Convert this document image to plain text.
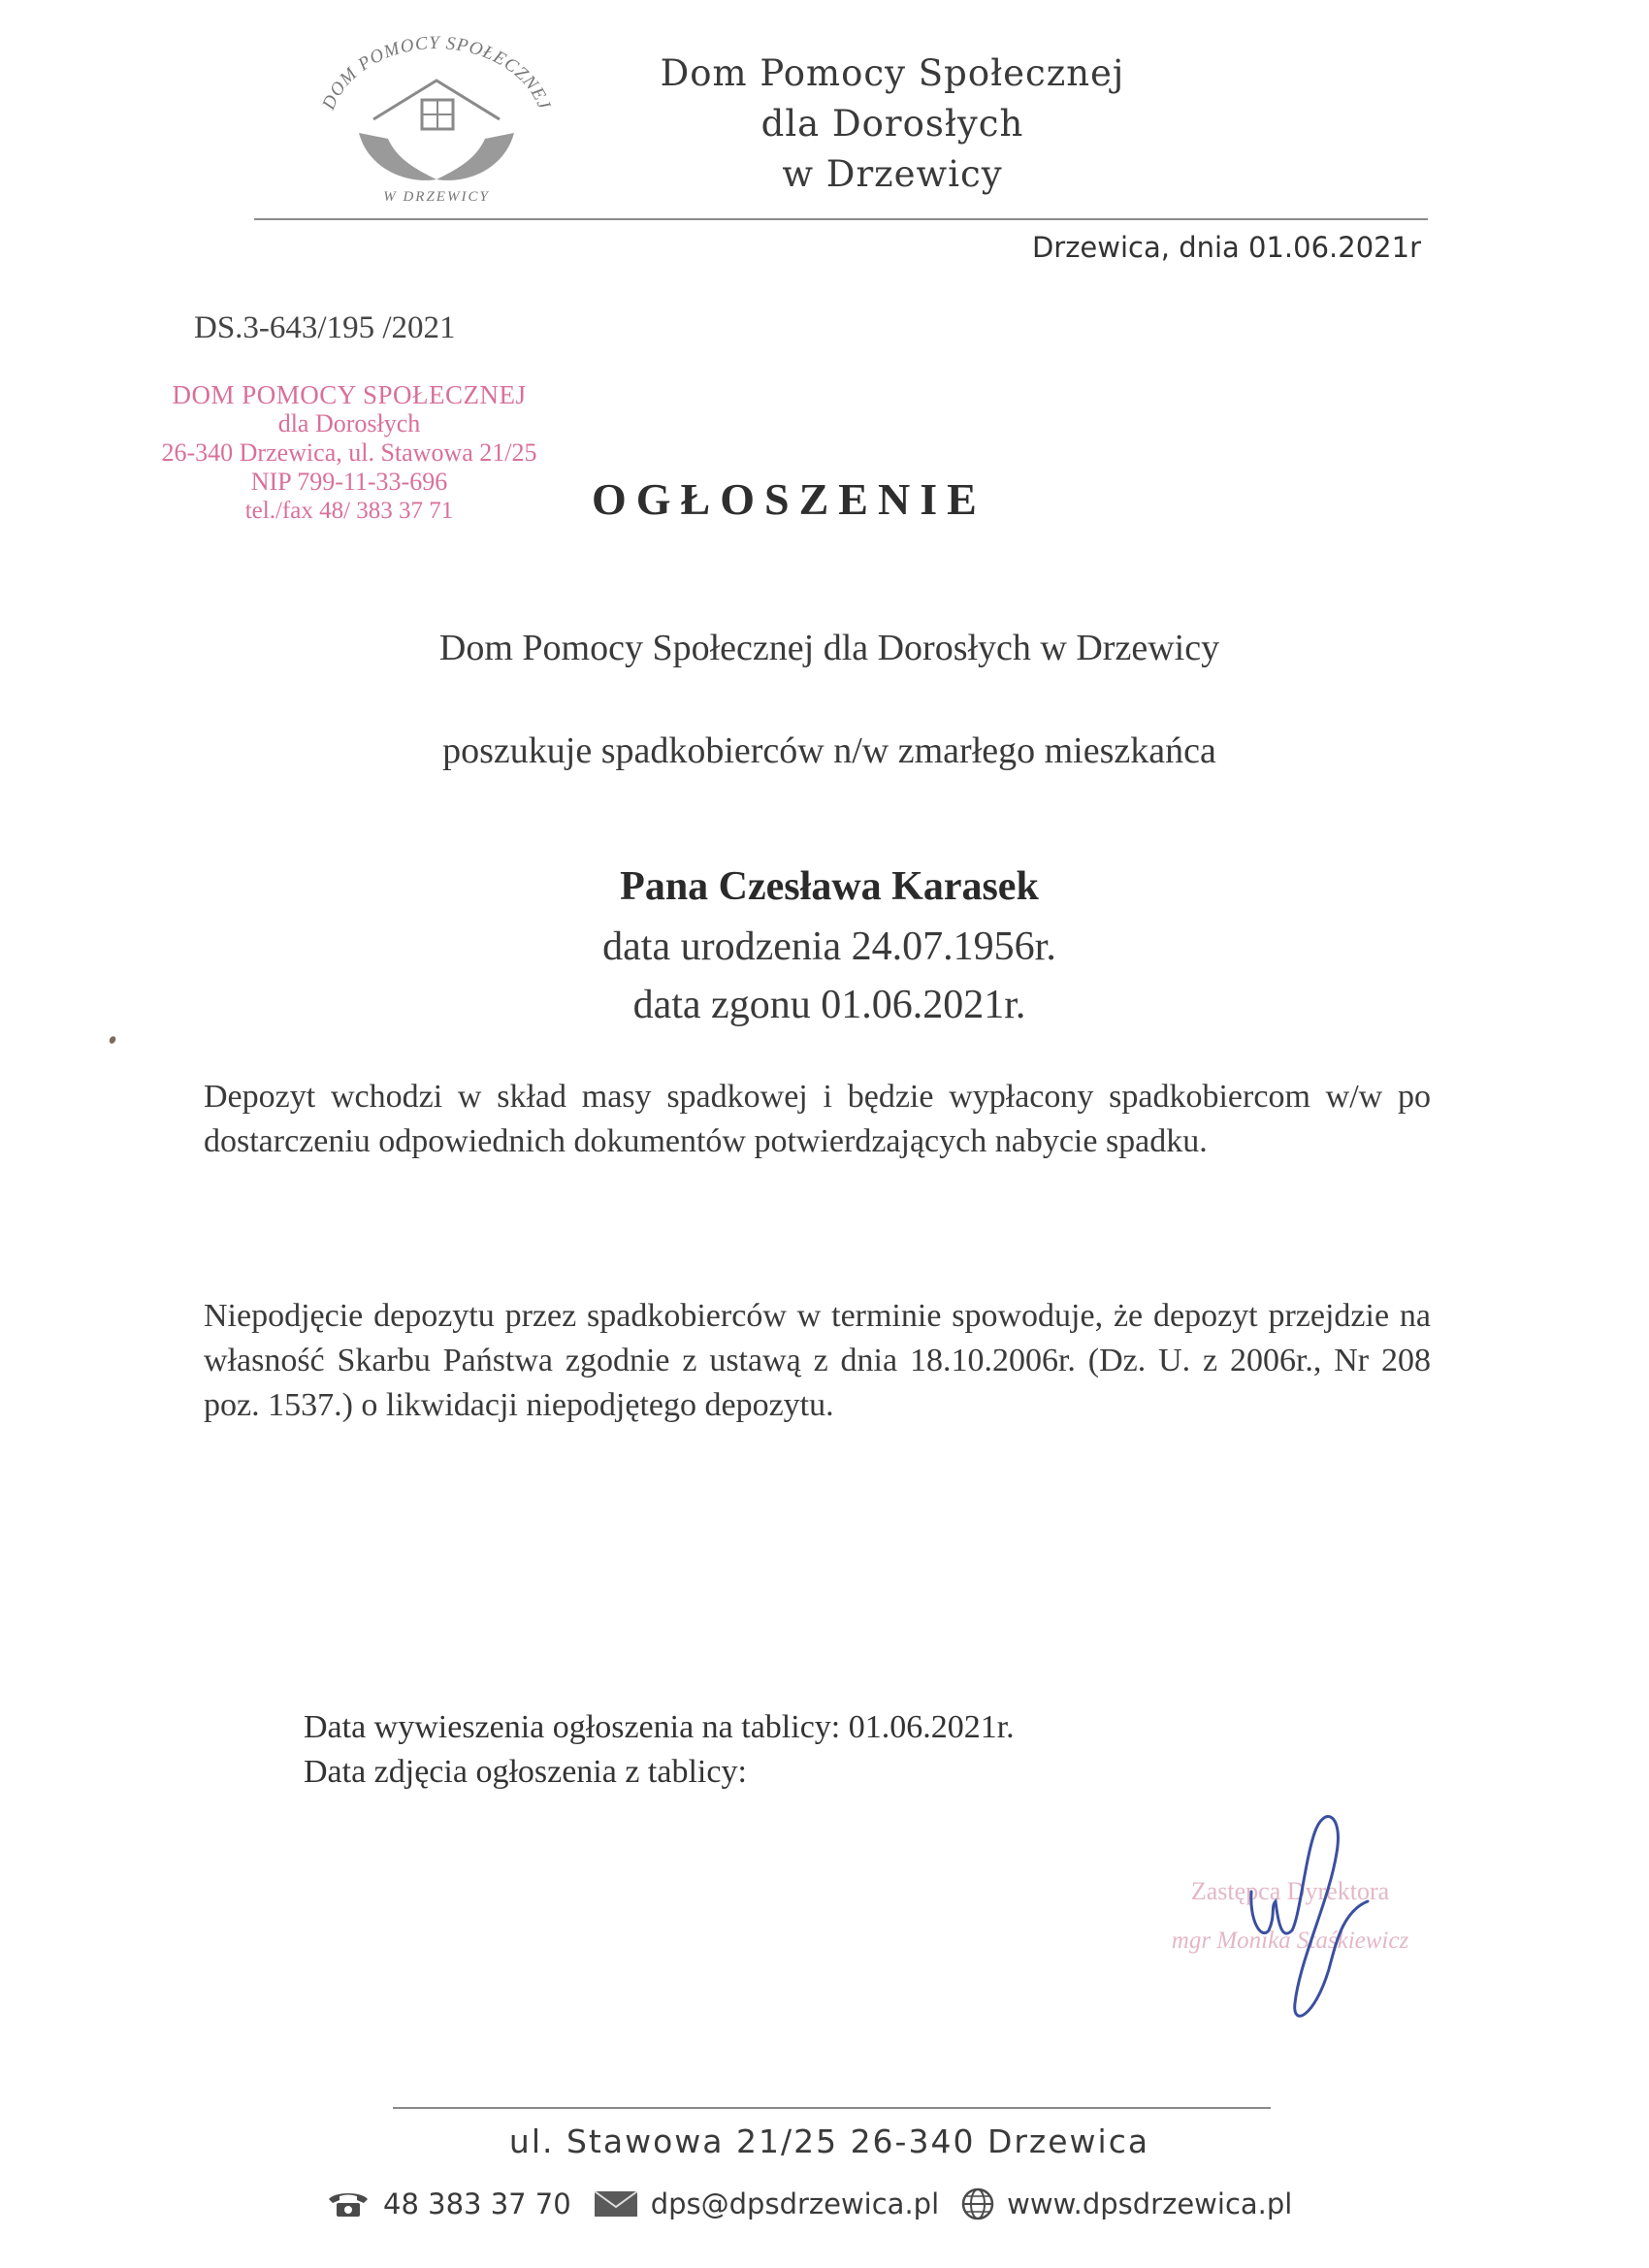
DOM POMOCY SPOŁECZNEJ
W DRZEWICY
Dom Pomocy Społecznej
dla Dorosłych
w Drzewicy
Drzewica, dnia 01.06.2021r
DS.3-643/195 /2021
DOM POMOCY SPOŁECZNEJ
dla Dorosłych
26-340 Drzewica, ul. Stawowa 21/25
NIP 799-11-33-696
tel./fax 48/ 383 37 71	OGŁOSZENIE
Dom Pomocy Społecznej dla Dorosłych w Drzewicy
poszukuje spadkobierców n/w zmarłego mieszkańca
Pana Czesława Karasek
data urodzenia 24.07.1956r.
data zgonu 01.06.2021r.
Depozyt wchodzi w skład masy spadkowej i będzie wypłacony spadkobiercom w/w po dostarczeniu odpowiednich dokumentów potwierdzających nabycie spadku.
Niepodjęcie depozytu przez spadkobierców w terminie spowoduje, że depozyt przejdzie na własność Skarbu Państwa zgodnie z ustawą z dnia 18.10.2006r. (Dz. U. z 2006r., Nr 208 poz. 1537.) o likwidacji niepodjętego depozytu.
Data wywieszenia ogłoszenia na tablicy: 01.06.2021r.
Data zdjęcia ogłoszenia z tablicy:
Zastępca Dyrektora
mgr Monika Staśkiewicz
ul. Stawowa 21/25 26-340 Drzewica
48 383 37 70	dps@dpsdrzewica.pl www.dpsdrzewica.pl
